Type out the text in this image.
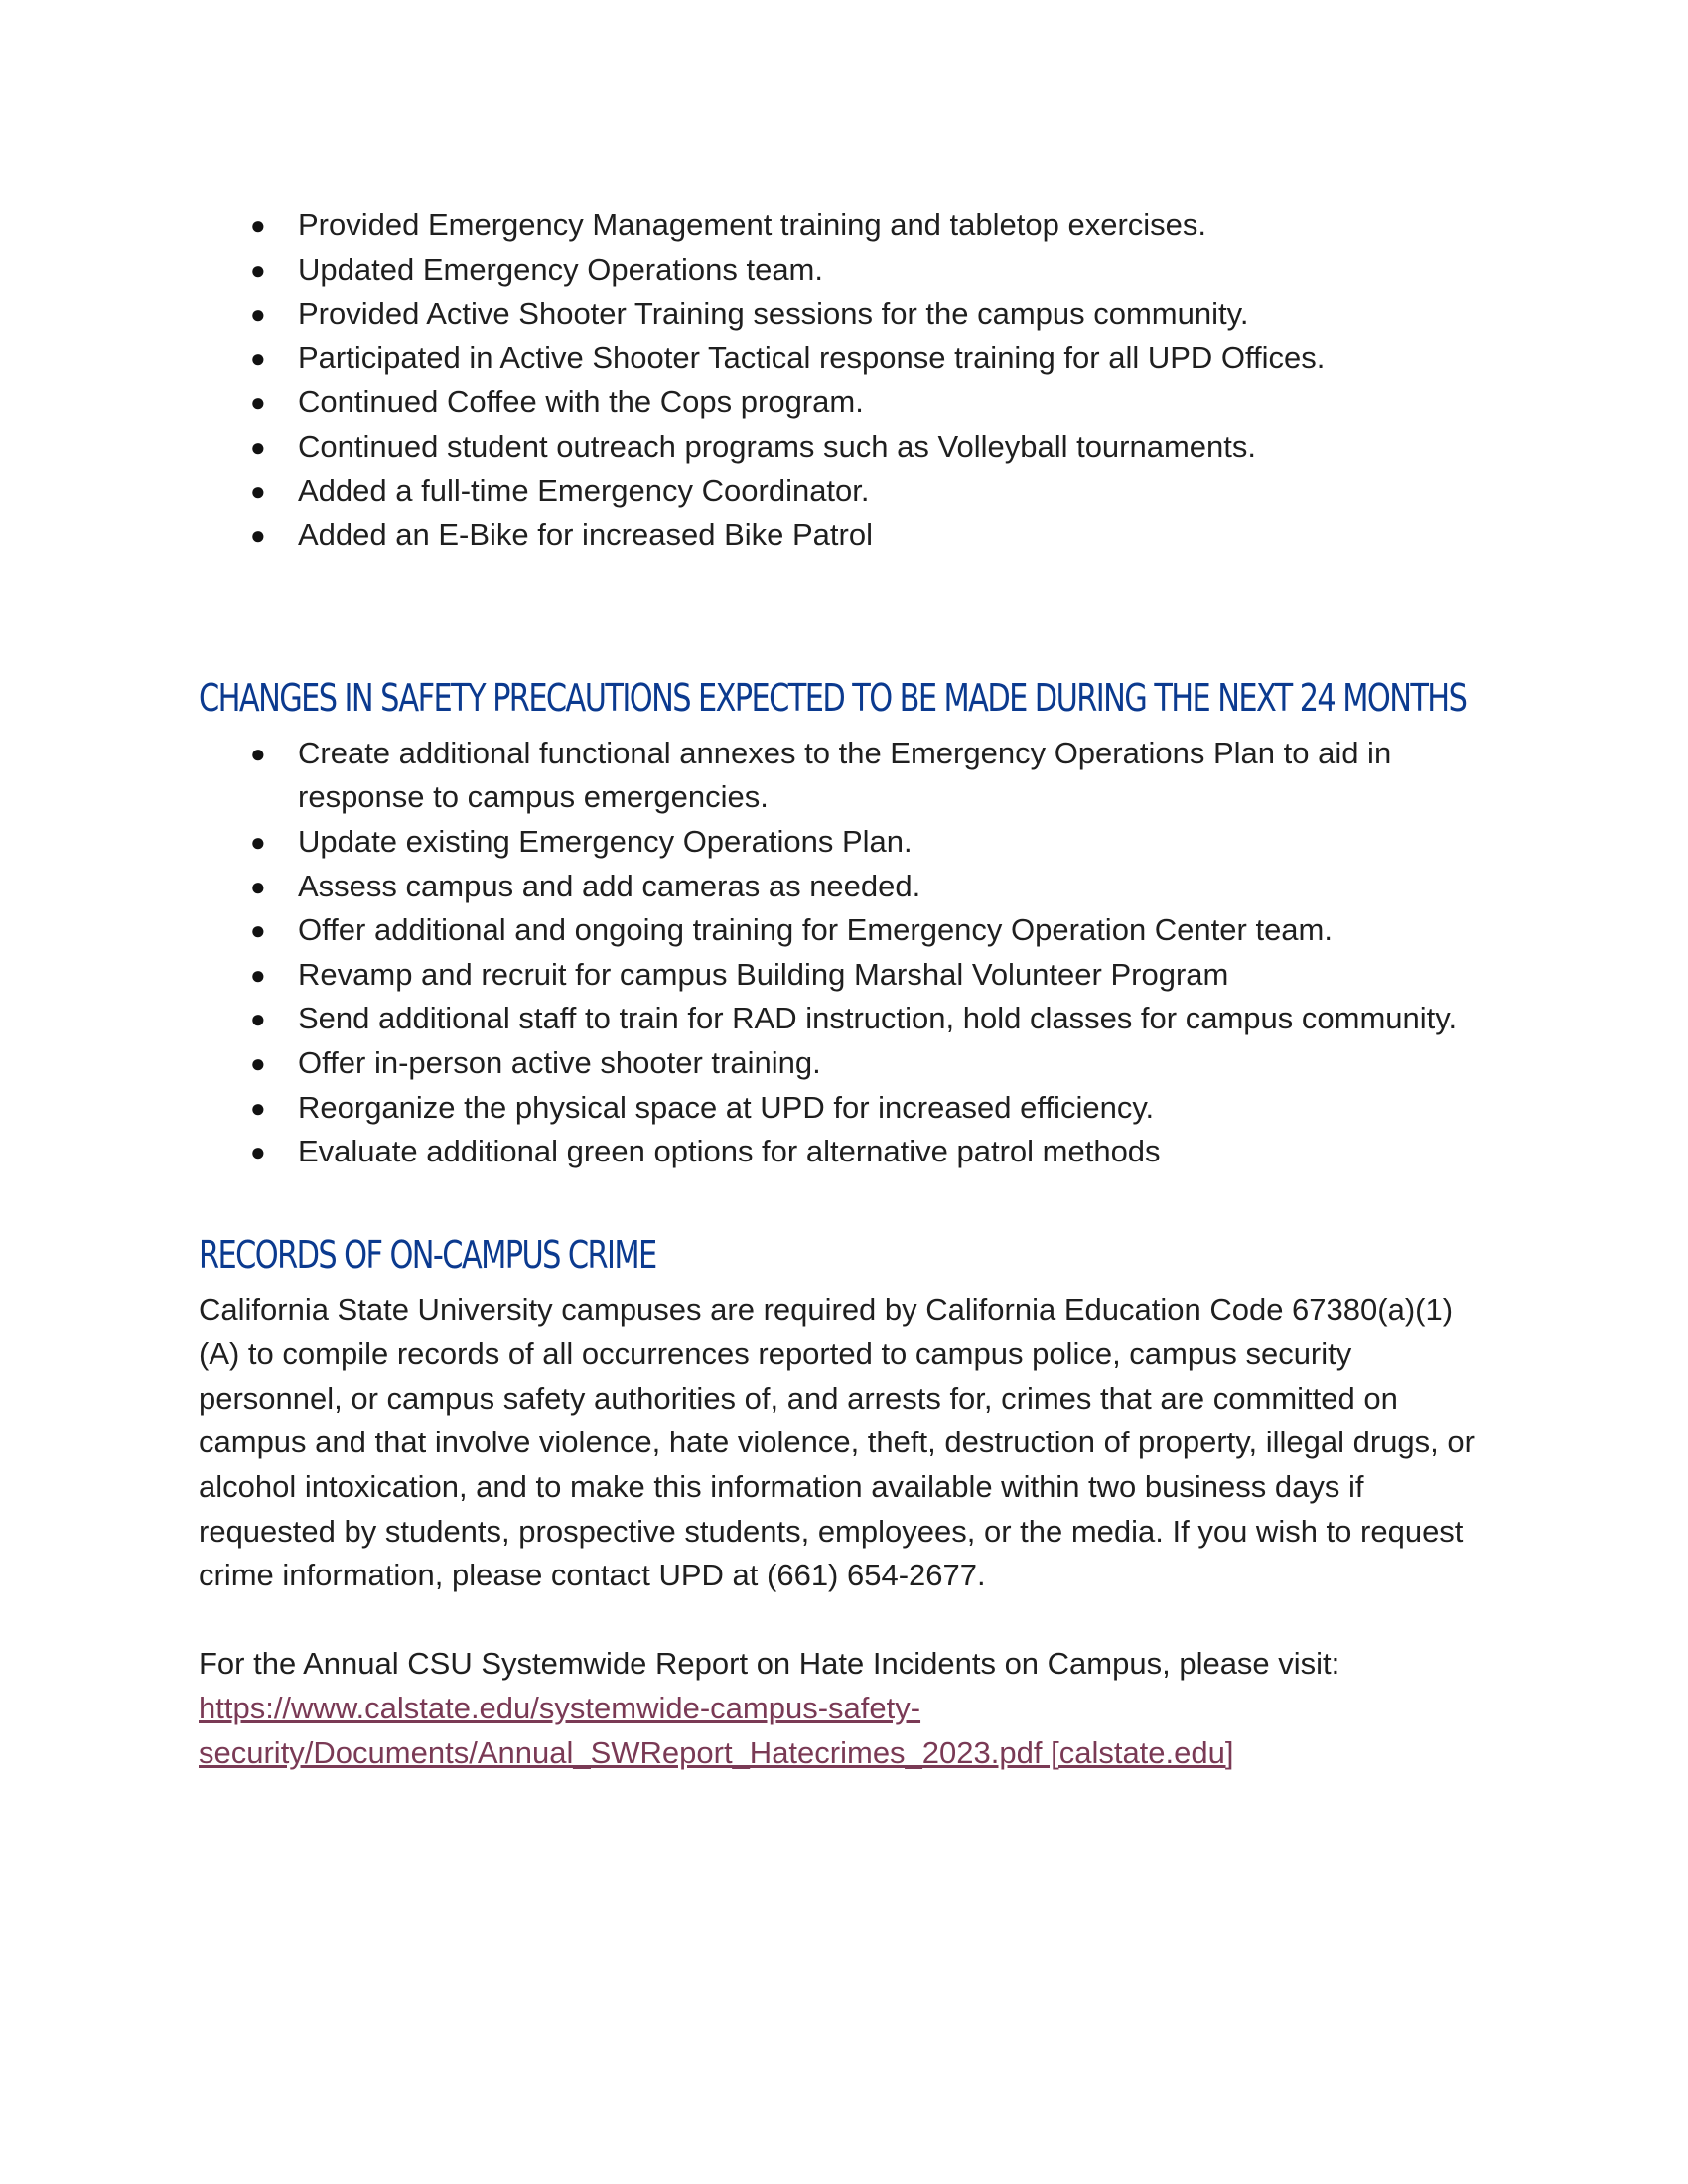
● Provided Emergency Management training and tabletop exercises.
● Updated Emergency Operations team.
● Provided Active Shooter Training sessions for the campus community.
● Participated in Active Shooter Tactical response training for all UPD Offices.
● Continued Coffee with the Cops program.
● Continued student outreach programs such as Volleyball tournaments.
● Added a full-time Emergency Coordinator.
● Added an E-Bike for increased Bike Patrol
CHANGES IN SAFETY PRECAUTIONS EXPECTED TO BE MADE DURING THE NEXT 24 MONTHS
● Create additional functional annexes to the Emergency Operations Plan to aid in response to campus emergencies.
● Update existing Emergency Operations Plan.
● Assess campus and add cameras as needed.
● Offer additional and ongoing training for Emergency Operation Center team.
● Revamp and recruit for campus Building Marshal Volunteer Program
● Send additional staff to train for RAD instruction, hold classes for campus community.
● Offer in-person active shooter training.
● Reorganize the physical space at UPD for increased efficiency.
● Evaluate additional green options for alternative patrol methods
RECORDS OF ON-CAMPUS CRIME

California State University campuses are required by California Education Code 67380(a)(1)(A) to compile records of all occurrences reported to campus police, campus security personnel, or campus safety authorities of, and arrests for, crimes that are committed on campus and that involve violence, hate violence, theft, destruction of property, illegal drugs, or alcohol intoxication, and to make this information available within two business days if requested by students, prospective students, employees, or the media. If you wish to request crime information, please contact UPD at (661) 654-2677.

For the Annual CSU Systemwide Report on Hate Incidents on Campus, please visit:

https://www.calstate.edu/systemwide-campus-safety-
security/Documents/Annual_SWReport_Hatecrimes_2023.pdf [calstate.edu]
